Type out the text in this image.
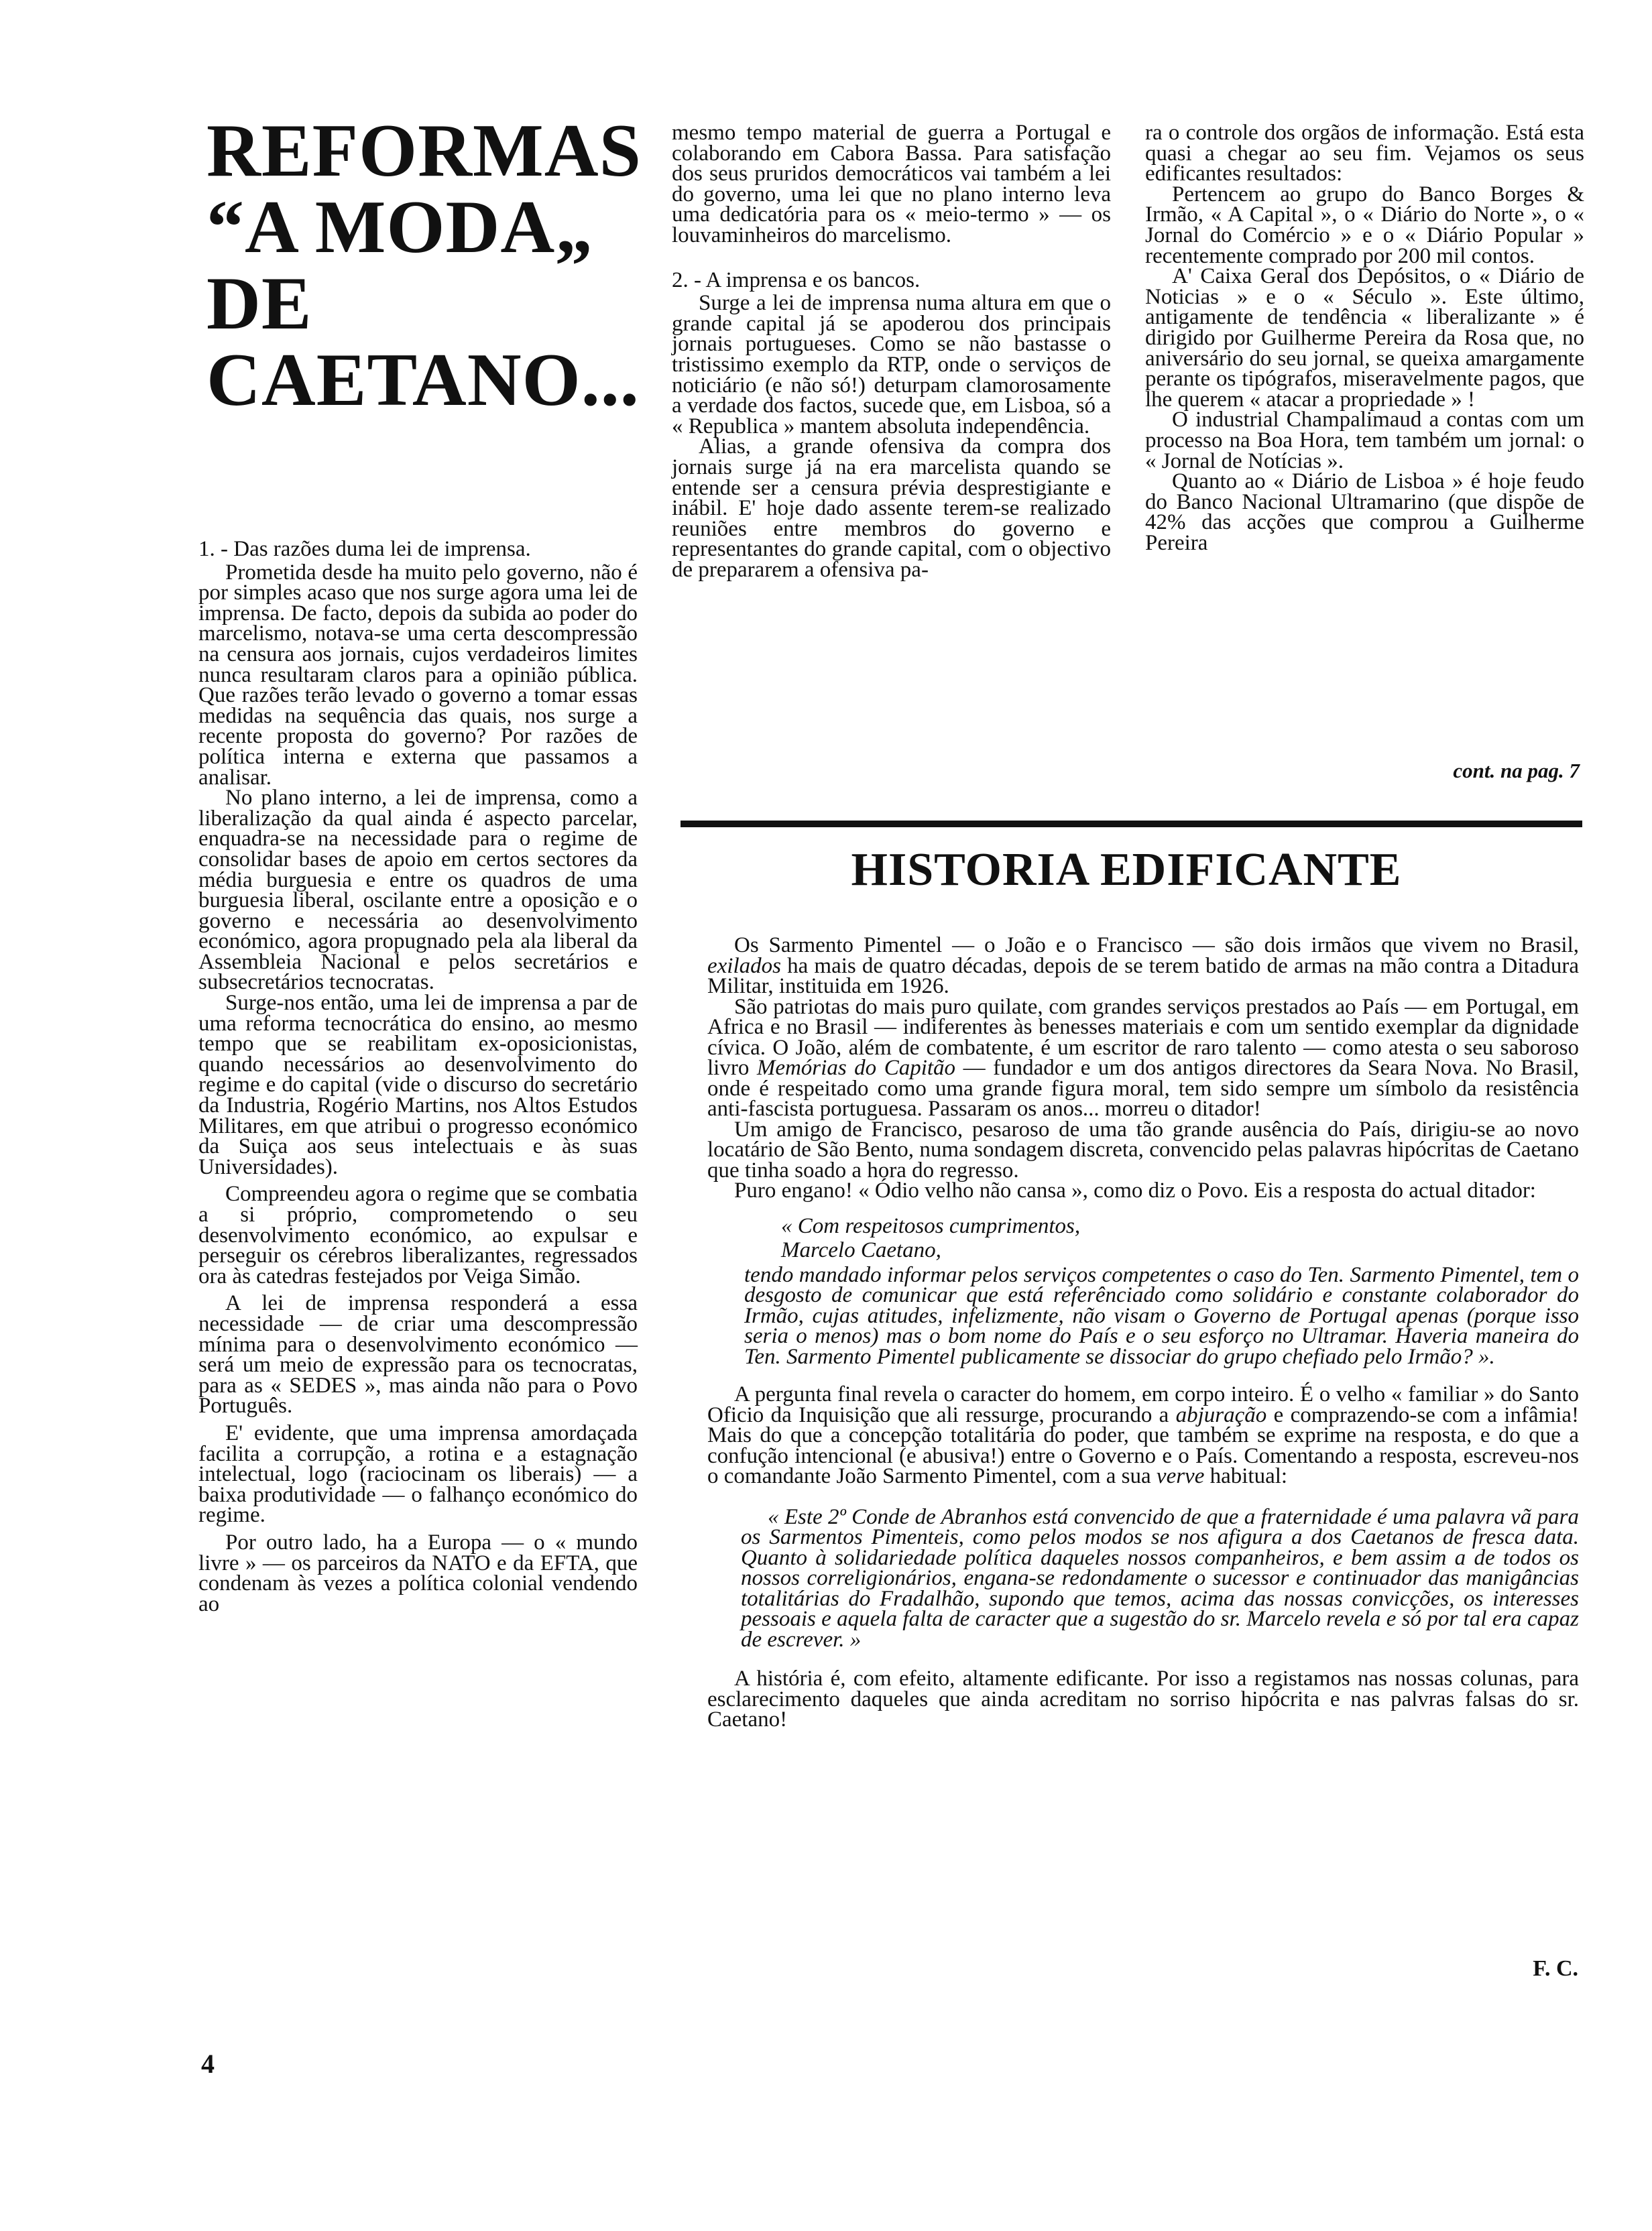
REFORMAS
“A MODA„
DE
CAETANO...

1. - Das razões duma lei de imprensa.

Prometida desde ha muito pelo governo, não é por simples acaso que nos surge agora uma lei de imprensa. De facto, depois da subida ao poder do marcelismo, notava-se uma certa descompressão na censura aos jornais, cujos verdadeiros limites nunca resultaram claros para a opinião pública. Que razões terão levado o governo a tomar essas medidas na sequência das quais, nos surge a recente proposta do governo? Por razões de política interna e externa que passamos a analisar.

No plano interno, a lei de imprensa, como a liberalização da qual ainda é aspecto parcelar, enquadra-se na necessidade para o regime de consolidar bases de apoio em certos sectores da média burguesia e entre os quadros de uma burguesia liberal, oscilante entre a oposição e o governo e necessária ao desenvolvimento económico, agora propugnado pela ala liberal da Assembleia Nacional e pelos secretários e subsecretários tecnocratas.

Surge-nos então, uma lei de imprensa a par de uma reforma tecnocrática do ensino, ao mesmo tempo que se reabilitam ex-oposicionistas, quando necessários ao desenvolvimento do regime e do capital (vide o discurso do secretário da Industria, Rogério Martins, nos Altos Estudos Militares, em que atribui o progresso económico da Suiça aos seus intelectuais e às suas Universidades).

Compreendeu agora o regime que se combatia a si próprio, comprometendo o seu desenvolvimento económico, ao expulsar e perseguir os cérebros liberalizantes, regressados ora às catedras festejados por Veiga Simão.

A lei de imprensa responderá a essa necessidade — de criar uma descompressão mínima para o desenvolvimento económico — será um meio de expressão para os tecnocratas, para as « SEDES », mas ainda não para o Povo Português.

E' evidente, que uma imprensa amordaçada facilita a corrupção, a rotina e a estagnação intelectual, logo (raciocinam os liberais) — a baixa produtividade — o falhanço económico do regime.

Por outro lado, ha a Europa — o « mundo livre » — os parceiros da NATO e da EFTA, que condenam às vezes a política colonial vendendo ao

mesmo tempo material de guerra a Portugal e colaborando em Cabora Bassa. Para satisfação dos seus pruridos democráticos vai também a lei do governo, uma lei que no plano interno leva uma dedicatória para os « meio-termo » — os louvaminheiros do marcelismo.

2. - A imprensa e os bancos.

Surge a lei de imprensa numa altura em que o grande capital já se apoderou dos principais jornais portugueses. Como se não bastasse o tristissimo exemplo da RTP, onde o serviços de noticiário (e não só!) deturpam clamorosamente a verdade dos factos, sucede que, em Lisboa, só a « Republica » mantem absoluta independência.

Alias, a grande ofensiva da compra dos jornais surge já na era marcelista quando se entende ser a censura prévia desprestigiante e inábil. E' hoje dado assente terem-se realizado reuniões entre membros do governo e representantes do grande capital, com o objectivo de prepararem a ofensiva pa-

ra o controle dos orgãos de informação. Está esta quasi a chegar ao seu fim. Vejamos os seus edificantes resultados:

Pertencem ao grupo do Banco Borges & Irmão, « A Capital », o « Diário do Norte », o « Jornal do Comércio » e o « Diário Popular » recentemente comprado por 200 mil contos.

A' Caixa Geral dos Depósitos, o « Diário de Noticias » e o « Século ». Este último, antigamente de tendência « liberalizante » é dirigido por Guilherme Pereira da Rosa que, no aniversário do seu jornal, se queixa amargamente perante os tipógrafos, miseravelmente pagos, que lhe querem « atacar a propriedade » !

O industrial Champalimaud a contas com um processo na Boa Hora, tem também um jornal: o « Jornal de Notícias ».

Quanto ao « Diário de Lisboa » é hoje feudo do Banco Nacional Ultramarino (que dispõe de 42% das acções que comprou a Guilherme Pereira

cont. na pag. 7
HISTORIA EDIFICANTE

Os Sarmento Pimentel — o João e o Francisco — são dois irmãos que vivem no Brasil, exilados ha mais de quatro décadas, depois de se terem batido de armas na mão contra a Ditadura Militar, instituida em 1926.

São patriotas do mais puro quilate, com grandes serviços prestados ao País — em Portugal, em Africa e no Brasil — indiferentes às benesses materiais e com um sentido exemplar da dignidade cívica. O João, além de combatente, é um escritor de raro talento — como atesta o seu saboroso livro Memórias do Capitão — fundador e um dos antigos directores da Seara Nova. No Brasil, onde é respeitado como uma grande figura moral, tem sido sempre um símbolo da resistência anti-fascista portuguesa. Passaram os anos... morreu o ditador!

Um amigo de Francisco, pesaroso de uma tão grande ausência do País, dirigiu-se ao novo locatário de São Bento, numa sondagem discreta, convencido pelas palavras hipócritas de Caetano que tinha soado a hora do regresso.

Puro engano! « Ódio velho não cansa », como diz o Povo. Eis a resposta do actual ditador:

« Com respeitosos cumprimentos,

Marcelo Caetano,

tendo mandado informar pelos serviços competentes o caso do Ten. Sarmento Pimentel, tem o desgosto de comunicar que está referênciado como solidário e constante colaborador do Irmão, cujas atitudes, infelizmente, não visam o Governo de Portugal apenas (porque isso seria o menos) mas o bom nome do País e o seu esforço no Ultramar. Haveria maneira do Ten. Sarmento Pimentel publicamente se dissociar do grupo chefiado pelo Irmão? ».

A pergunta final revela o caracter do homem, em corpo inteiro. É o velho « familiar » do Santo Oficio da Inquisição que ali ressurge, procurando a abjuração e comprazendo-se com a infâmia! Mais do que a concepção totalitária do poder, que também se exprime na resposta, e do que a confução intencional (e abusiva!) entre o Governo e o País. Comentando a resposta, escreveu-nos o comandante João Sarmento Pimentel, com a sua verve habitual:

« Este 2º Conde de Abranhos está convencido de que a fraternidade é uma palavra vã para os Sarmentos Pimenteis, como pelos modos se nos afigura a dos Caetanos de fresca data. Quanto à solidariedade política daqueles nossos companheiros, e bem assim a de todos os nossos correligionários, engana-se redondamente o sucessor e continuador das manigâncias totalitárias do Fradalhão, supondo que temos, acima das nossas convicções, os interesses pessoais e aquela falta de caracter que a sugestão do sr. Marcelo revela e só por tal era capaz de escrever. »

A história é, com efeito, altamente edificante. Por isso a registamos nas nossas colunas, para esclarecimento daqueles que ainda acreditam no sorriso hipócrita e nas palvras falsas do sr. Caetano!

F. C.
4
